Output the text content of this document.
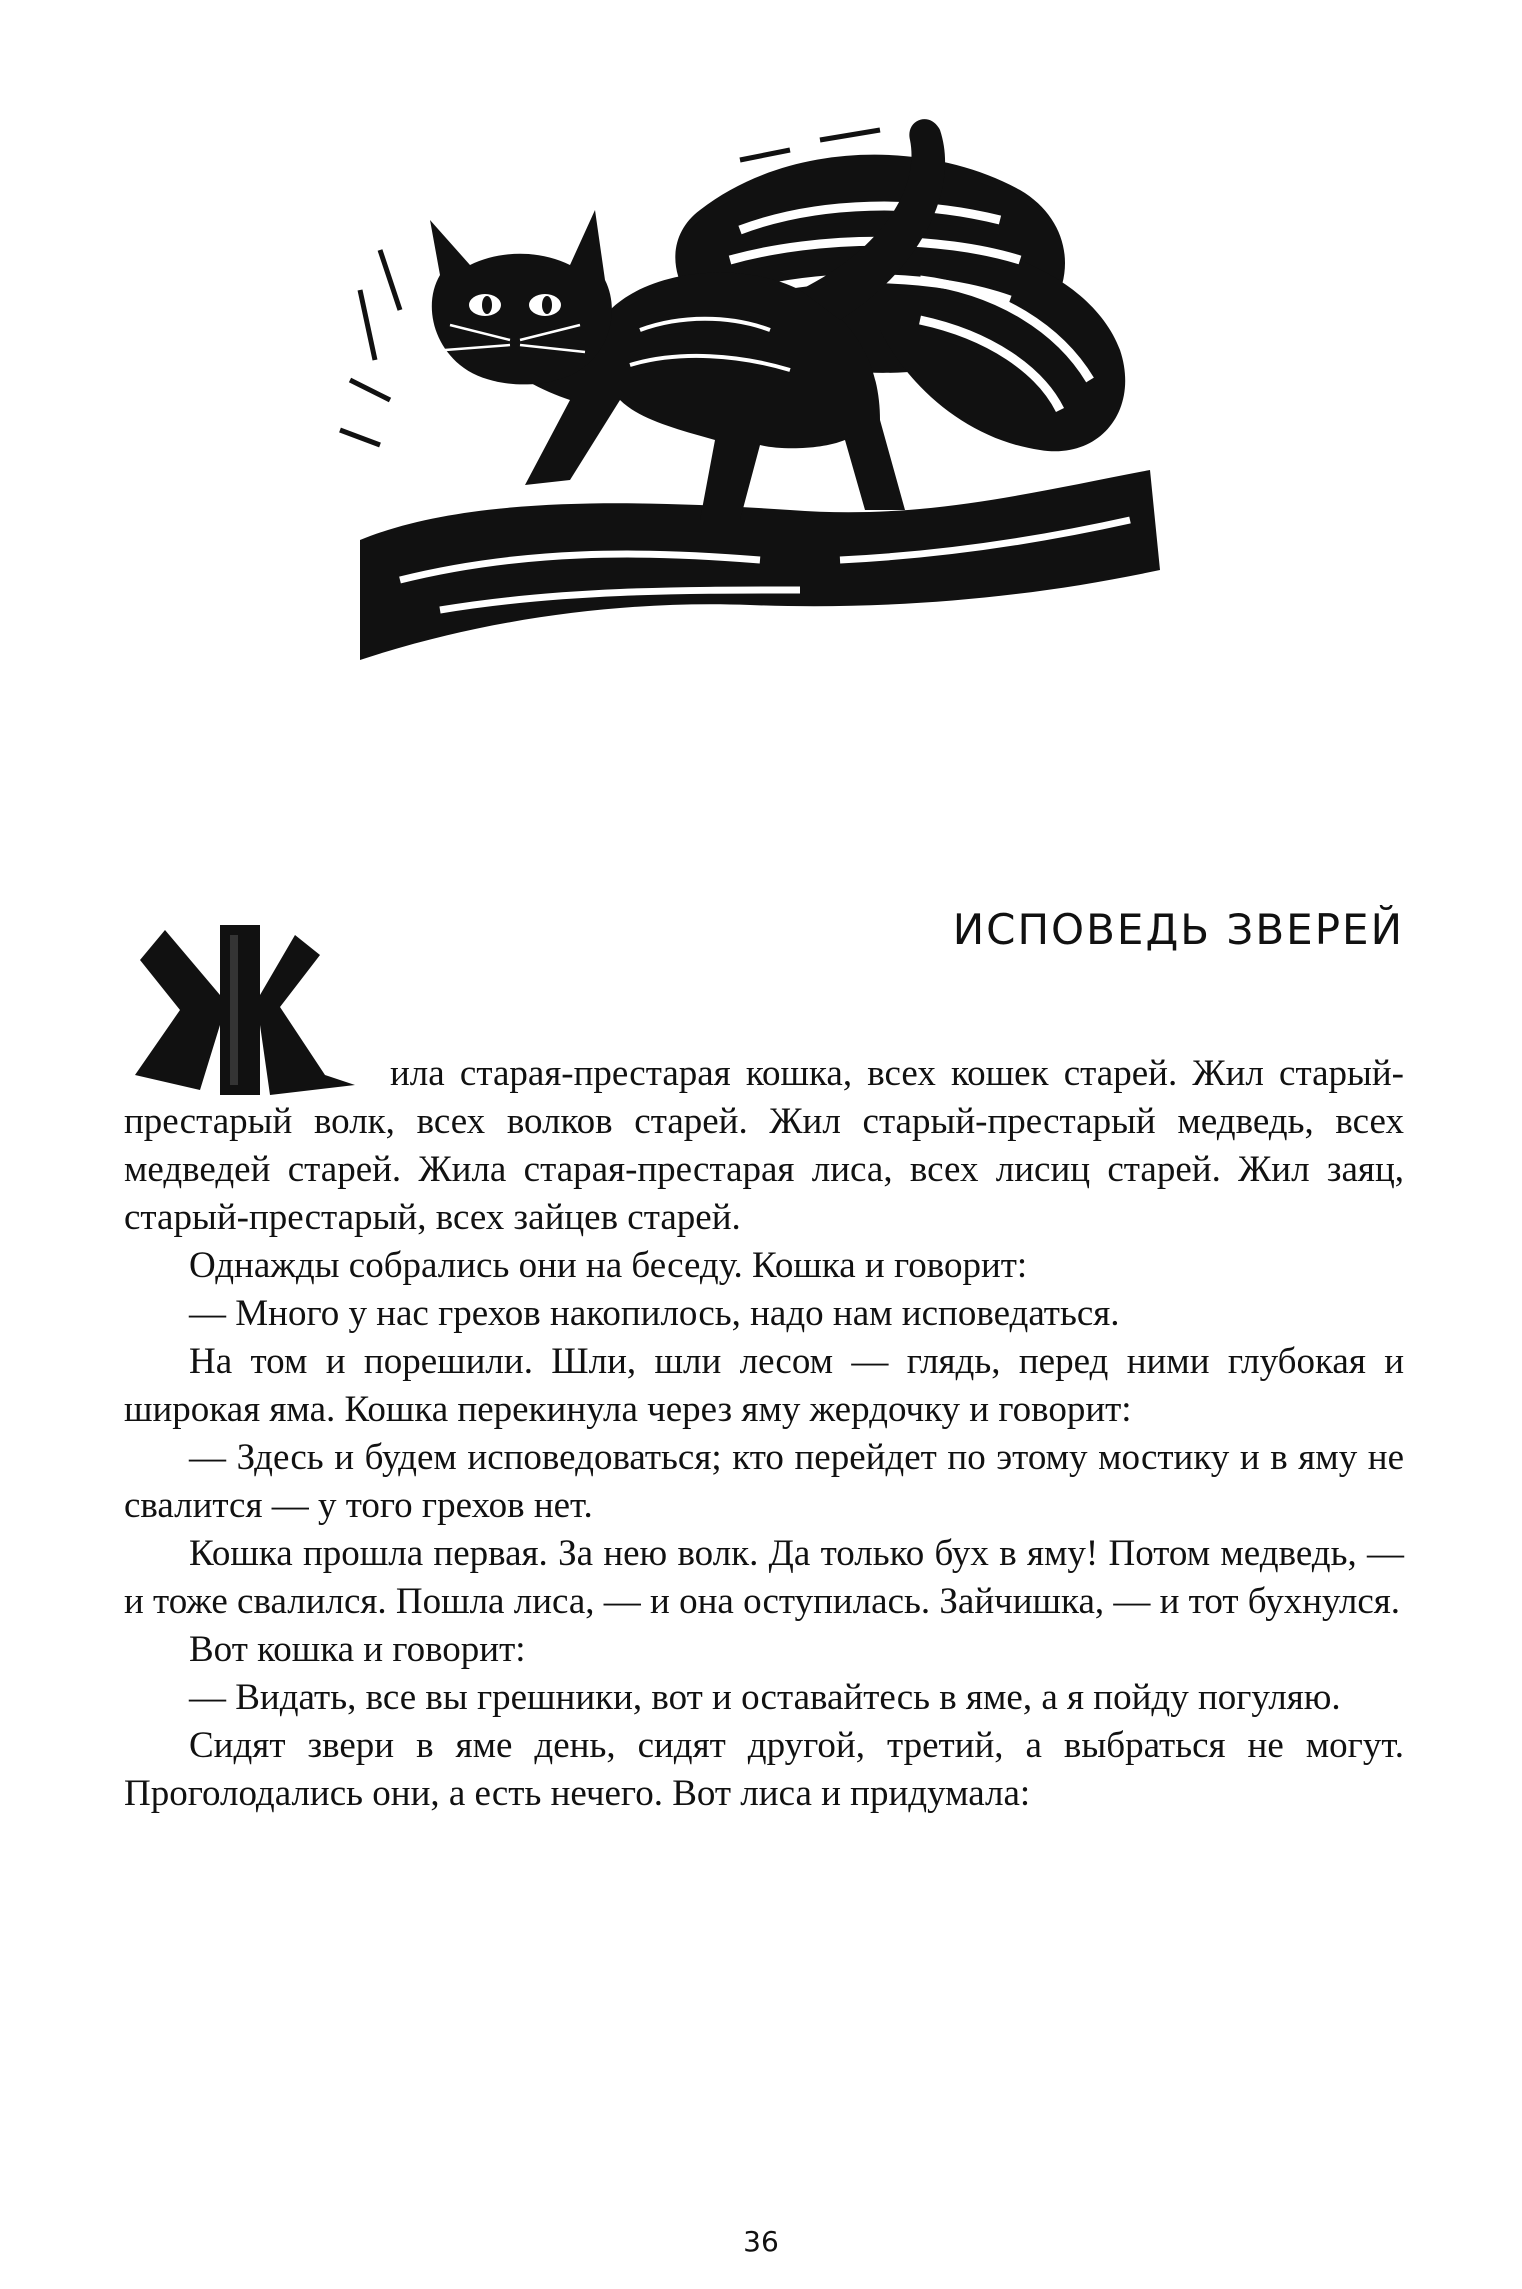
ИСПОВЕДЬ ЗВЕРЕЙ

ила старая-престарая кошка, всех кошек старей. Жил старый-престарый волк, всех волков старей. Жил старый-престарый медведь, всех медведей старей. Жила старая-престарая лиса, всех лисиц старей. Жил заяц, старый-престарый, всех зайцев старей.

Однажды собрались они на беседу. Кошка и говорит:

— Много у нас грехов накопилось, надо нам исповедаться.

На том и порешили. Шли, шли лесом — глядь, перед ними глубокая и широкая яма. Кошка перекинула через яму жердочку и говорит:

— Здесь и будем исповедоваться; кто перейдет по этому мостику и в яму не свалится — у того грехов нет.

Кошка прошла первая. За нею волк. Да только бух в яму! Потом медведь, — и тоже свалился. Пошла лиса, — и она оступилась. Зайчишка, — и тот бухнулся.

Вот кошка и говорит:

— Видать, все вы грешники, вот и оставайтесь в яме, а я пойду погуляю.

Сидят звери в яме день, сидят другой, третий, а выбраться не могут. Проголодались они, а есть нечего. Вот лиса и придумала:

36
